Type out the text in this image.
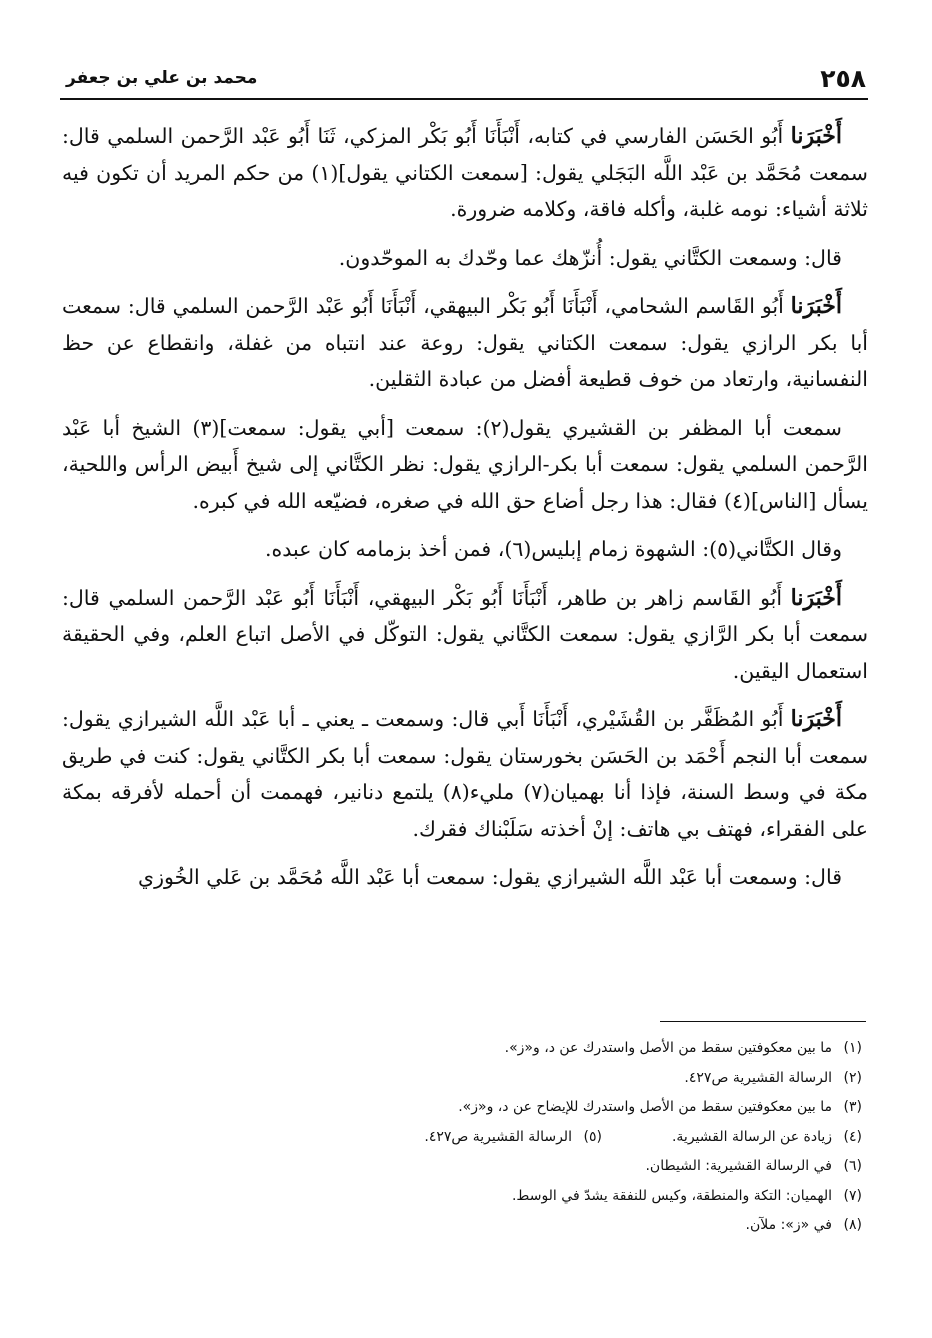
٢٥٨
محمد بن علي بن جعفر

أَخْبَرَنا أَبُو الحَسَن الفارسي في كتابه، أَنْبَأَنَا أَبُو بَكْر المزكي، ثَنَا أَبُو عَبْد الرَّحمن السلمي قال: سمعت مُحَمَّد بن عَبْد اللَّه البَجَلي يقول: [سمعت الكتاني يقول](١) من حكم المريد أن تكون فيه ثلاثة أشياء: نومه غلبة، وأكله فاقة، وكلامه ضرورة.

قال: وسمعت الكتَّاني يقول: أُنزّهك عما وحّدك به الموحّدون.

أَخْبَرَنا أَبُو القَاسم الشحامي، أَنْبَأَنَا أَبُو بَكْر البيهقي، أَنْبَأَنَا أَبُو عَبْد الرَّحمن السلمي قال: سمعت أبا بكر الرازي يقول: سمعت الكتاني يقول: روعة عند انتباه من غفلة، وانقطاع عن حظ النفسانية، وارتعاد من خوف قطيعة أفضل من عبادة الثقلين.

سمعت أبا المظفر بن القشيري يقول(٢): سمعت [أبي يقول: سمعت](٣) الشيخ أبا عَبْد الرَّحمن السلمي يقول: سمعت أبا بكر-الرازي يقول: نظر الكتَّاني إلى شيخ أَبيض الرأس واللحية، يسأل [الناس](٤) فقال: هذا رجل أضاع حق الله في صغره، فضيّعه الله في كبره.

وقال الكتَّاني(٥): الشهوة زمام إبليس(٦)، فمن أخذ بزمامه كان عبده.

أَخْبَرَنا أَبُو القَاسم زاهر بن طاهر، أَنْبَأَنَا أَبُو بَكْر البيهقي، أَنْبَأَنَا أَبُو عَبْد الرَّحمن السلمي قال: سمعت أبا بكر الرَّازي يقول: سمعت الكتَّاني يقول: التوكّل في الأصل اتباع العلم، وفي الحقيقة استعمال اليقين.

أَخْبَرَنا أَبُو المُظَفَّر بن القُشَيْري، أَنْبَأَنَا أَبي قال: وسمعت ـ يعني ـ أبا عَبْد اللَّه الشيرازي يقول: سمعت أبا النجم أَحْمَد بن الحَسَن بخورستان يقول: سمعت أبا بكر الكتَّاني يقول: كنت في طريق مكة في وسط السنة، فإذا أنا بهميان(٧) مليء(٨) يلتمع دنانير، فهممت أن أحمله لأفرقه بمكة على الفقراء، فهتف بي هاتف: إنْ أخذته سَلَبْناك فقرك.

قال: وسمعت أبا عَبْد اللَّه الشيرازي يقول: سمعت أبا عَبْد اللَّه مُحَمَّد بن عَلي الخُوزي

(١)ما بين معكوفتين سقط من الأصل واستدرك عن د، و«ز».
(٢)الرسالة القشيرية ص٤٢٧.
(٣)ما بين معكوفتين سقط من الأصل واستدرك للإيضاح عن د، و«ز».
(٤)زيادة عن الرسالة القشيرية.(٥)الرسالة القشيرية ص٤٢٧.
(٦)في الرسالة القشيرية: الشيطان.
(٧)الهميان: التكة والمنطقة، وكيس للنفقة يشدّ في الوسط.
(٨)في «ز»: ملآن.
